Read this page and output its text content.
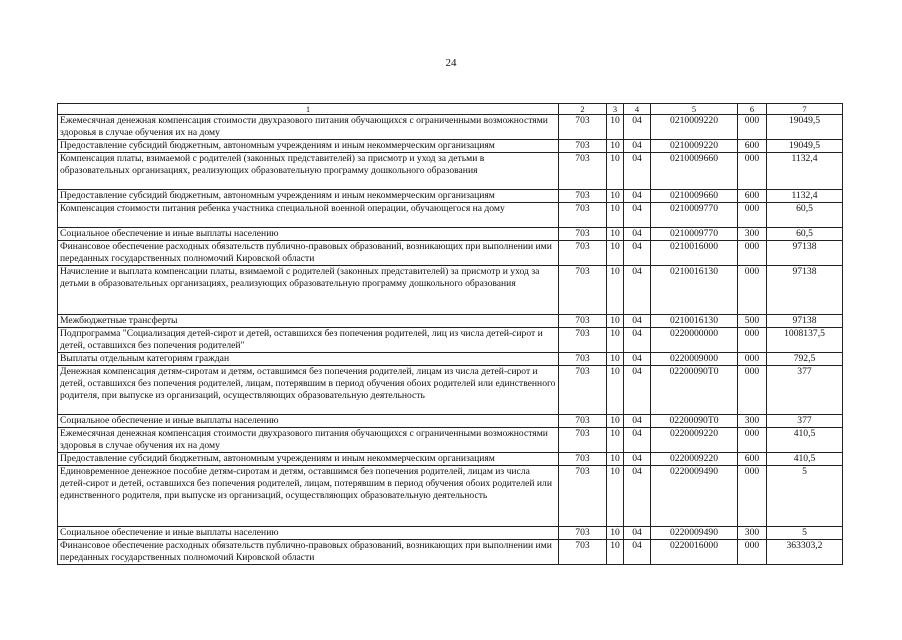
24
1	2	3	4	5	6	7
Ежемесячная денежная компенсация стоимости двухразового питания обучающихся с ограниченными возможностями здоровья в случае обучения их на дому	703	10	04	0210009220	000	19049,5
Предоставление субсидий бюджетным, автономным учреждениям и иным некоммерческим организациям	703	10	04	0210009220	600	19049,5
Компенсация платы, взимаемой с родителей (законных представителей) за присмотр и уход за детьми в образовательных организациях, реализующих образовательную программу дошкольного образования	703	10	04	0210009660	000	1132,4
Предоставление субсидий бюджетным, автономным учреждениям и иным некоммерческим организациям	703	10	04	0210009660	600	1132,4
Компенсация стоимости питания ребенка участника специальной военной операции, обучающегося на дому	703	10	04	0210009770	000	60,5
Социальное обеспечение и иные выплаты населению	703	10	04	0210009770	300	60,5
Финансовое обеспечение расходных обязательств публично-правовых образований, возникающих при выполнении ими переданных государственных полномочий Кировской области	703	10	04	0210016000	000	97138
Начисление и выплата компенсации платы, взимаемой с родителей (законных представителей) за присмотр и уход за детьми в образовательных организациях, реализующих образовательную программу дошкольного образования	703	10	04	0210016130	000	97138
Межбюджетные трансферты	703	10	04	0210016130	500	97138
Подпрограмма "Социализация детей-сирот и детей, оставшихся без попечения родителей, лиц из числа детей-сирот и детей, оставшихся без попечения родителей"	703	10	04	0220000000	000	1008137,5
Выплаты отдельным категориям граждан	703	10	04	0220009000	000	792,5
Денежная компенсация детям-сиротам и детям, оставшимся без попечения родителей, лицам из числа детей-сирот и детей, оставшихся без попечения родителей, лицам, потерявшим в период обучения обоих родителей или единственного родителя, при выпуске из организаций, осуществляющих образовательную деятельность	703	10	04	02200090T0	000	377
Социальное обеспечение и иные выплаты населению	703	10	04	02200090T0	300	377
Ежемесячная денежная компенсация стоимости двухразового питания обучающихся с ограниченными возможностями здоровья в случае обучения их на дому	703	10	04	0220009220	000	410,5
Предоставление субсидий бюджетным, автономным учреждениям и иным некоммерческим организациям	703	10	04	0220009220	600	410,5
Единовременное денежное пособие детям-сиротам и детям, оставшимся без попечения родителей, лицам из числа детей-сирот и детей, оставшихся без попечения родителей, лицам, потерявшим в период обучения обоих родителей или единственного родителя, при выпуске из организаций, осуществляющих образовательную деятельность	703	10	04	0220009490	000	5
Социальное обеспечение и иные выплаты населению	703	10	04	0220009490	300	5
Финансовое обеспечение расходных обязательств публично-правовых образований, возникающих при выполнении ими переданных государственных полномочий Кировской области	703	10	04	0220016000	000	363303,2
